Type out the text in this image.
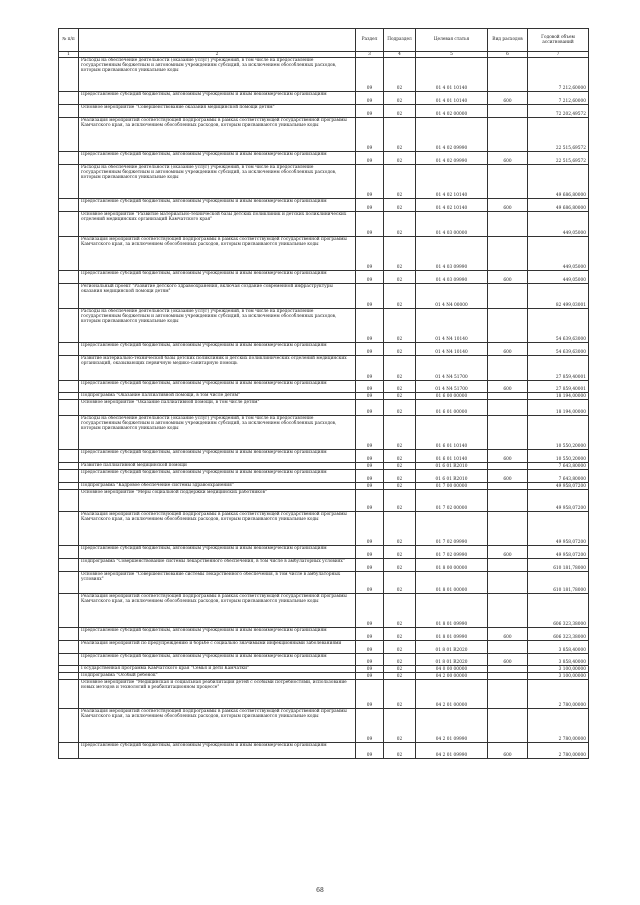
№ п/п		Раздел	Подраздел	Целевая статья	Вид расходов	Годовой объем ассигнований
1	2	3	4	5	6	7
	Расходы на обеспечение деятельности (оказание услуг) учреждений, в том числе на предоставление государственным бюджетным и автономным учреждениям субсидий, за исключением обособленных расходов, которым присваиваются уникальные коды	09	02	01 4 01 10140		7 212,60000
	Предоставление субсидий бюджетным, автономным учреждениям и иным некоммерческим организациям	09	02	01 4 01 10140	600	7 212,60000
	Основное мероприятие "Совершенствование оказания медицинской помощи детям"	09	02	01 4 02 00000		72 202,49572
	Реализация мероприятий соответствующей подпрограммы в рамках соответствующей государственной программы Камчатского края, за исключением обособленных расходов, которым присваиваются уникальные коды	09	02	01 4 02 09990		22 515,69572
	Предоставление субсидий бюджетным, автономным учреждениям и иным некоммерческим организациям	09	02	01 4 02 09990	600	22 515,69572
	Расходы на обеспечение деятельности (оказание услуг) учреждений, в том числе на предоставление государственным бюджетным и автономным учреждениям субсидий, за исключением обособленных расходов, которым присваиваются уникальные коды	09	02	01 4 02 10140		49 686,80000
	Предоставление субсидий бюджетным, автономным учреждениям и иным некоммерческим организациям	09	02	01 4 02 10140	600	49 686,80000
	Основное мероприятие "Развитие материально-технической базы детских поликлиник и детских поликлинических отделений медицинских организаций Камчатского края"	09	02	01 4 03 00000		449,05000
	Реализация мероприятий соответствующей подпрограммы в рамках соответствующей государственной программы Камчатского края, за исключением обособленных расходов, которым присваиваются уникальные коды	09	02	01 4 03 09990		449,05000
	Предоставление субсидий бюджетным, автономным учреждениям и иным некоммерческим организациям	09	02	01 4 03 09990	600	449,05000
	Региональный проект "Развитие детского здравоохранения, включая создание современной инфраструктуры оказания медицинской помощи детям"	09	02	01 4 N4 00000		82 499,03001
	Расходы на обеспечение деятельности (оказание услуг) учреждений, в том числе на предоставление государственным бюджетным и автономным учреждениям субсидий, за исключением обособленных расходов, которым присваиваются уникальные коды	09	02	01 4 N4 10140		54 639,63000
	Предоставление субсидий бюджетным, автономным учреждениям и иным некоммерческим организациям	09	02	01 4 N4 10140	600	54 639,63000
	Развитие материально-технической базы детских поликлиник и детских поликлинических отделений медицинских организаций, оказывающих первичную медико-санитарную помощь	09	02	01 4 N4 51700		27 859,40001
	Предоставление субсидий бюджетным, автономным учреждениям и иным некоммерческим организациям	09	02	01 4 N4 51700	600	27 859,40001
	Подпрограмма "Оказание паллиативной помощи, в том числе детям"	09	02	01 6 00 00000		18 194,00000
	Основное мероприятие "Оказание паллиативной помощи, в том числе детям"	09	02	01 6 01 00000		18 194,00000
	Расходы на обеспечение деятельности (оказание услуг) учреждений, в том числе на предоставление государственным бюджетным и автономным учреждениям субсидий, за исключением обособленных расходов, которым присваиваются уникальные коды	09	02	01 6 01 10140		10 550,20000
	Предоставление субсидий бюджетным, автономным учреждениям и иным некоммерческим организациям	09	02	01 6 01 10140	600	10 550,20000
	Развитие паллиативной медицинской помощи	09	02	01 6 01 R2010		7 643,80000
	Предоставление субсидий бюджетным, автономным учреждениям и иным некоммерческим организациям	09	02	01 6 01 R2010	600	7 643,80000
	Подпрограмма "Кадровое обеспечение системы здравоохранения"	09	02	01 7 00 00000		49 958,07200
	Основное мероприятие "Меры социальной поддержки медицинских работников"	09	02	01 7 02 00000		49 958,07200
	Реализация мероприятий соответствующей подпрограммы в рамках соответствующей государственной программы Камчатского края, за исключением обособленных расходов, которым присваиваются уникальные коды	09	02	01 7 02 09990		49 958,07200
	Предоставление субсидий бюджетным, автономным учреждениям и иным некоммерческим организациям	09	02	01 7 02 09990	600	49 958,07200
	Подпрограмма "Совершенствование системы лекарственного обеспечения, в том числе в амбулаторных условиях"	09	02	01 8 00 00000		610 181,78000
	Основное мероприятие "Совершенствование системы лекарственного обеспечения, в том числе в амбулаторных условиях"	09	02	01 8 01 00000		610 181,78000
	Реализация мероприятий соответствующей подпрограммы в рамках соответствующей государственной программы Камчатского края, за исключением обособленных расходов, которым присваиваются уникальные коды	09	02	01 8 01 09990		606 323,38000
	Предоставление субсидий бюджетным, автономным учреждениям и иным некоммерческим организациям	09	02	01 8 01 09990	600	606 323,38000
	Реализация мероприятий по предупреждению и борьбе с социально значимыми инфекционными заболеваниями	09	02	01 8 01 R2020		3 858,40000
	Предоставление субсидий бюджетным, автономным учреждениям и иным некоммерческим организациям	09	02	01 8 01 R2020	600	3 858,40000
	Государственная программа Камчатского края "Семья и дети Камчатки"	09	02	04 0 00 00000		3 100,00000
	Подпрограмма "Особый ребенок"	09	02	04 2 00 00000		3 100,00000
	Основное мероприятие "Медицинская и социальная реабилитация детей с особыми потребностями, использование новых методов и технологий в реабилитационном процессе"	09	02	04 2 01 00000		2 780,00000
	Реализация мероприятий соответствующей подпрограммы в рамках соответствующей государственной программы Камчатского края, за исключением обособленных расходов, которым присваиваются уникальные коды	09	02	04 2 01 09990		2 780,00000
	Предоставление субсидий бюджетным, автономным учреждениям и иным некоммерческим организациям	09	02	04 2 01 09990	600	2 780,00000
68
